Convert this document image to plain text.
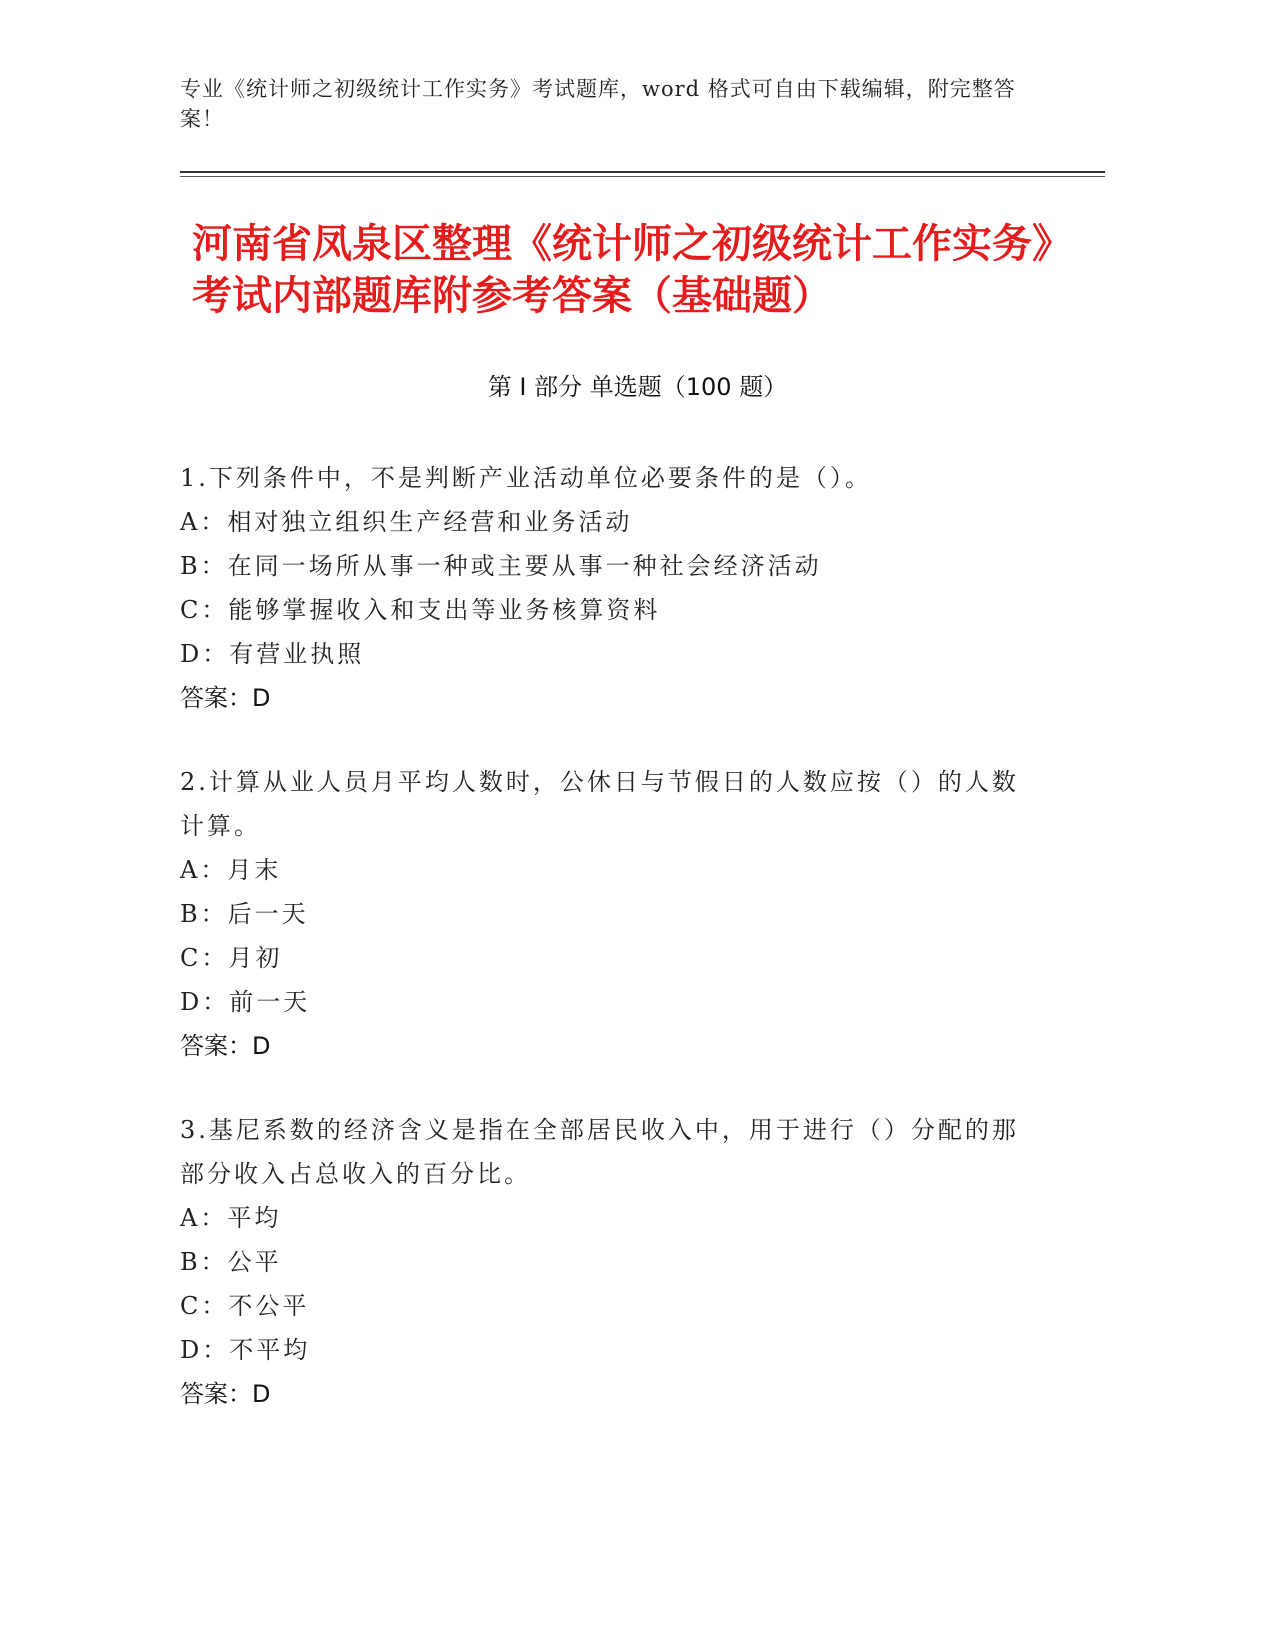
专业《统计师之初级统计工作实务》考试题库，word 格式可自由下载编辑，附完整答案！
河南省凤泉区整理《统计师之初级统计工作实务》考试内部题库附参考答案（基础题）
第 I 部分 单选题（100 题）
1.下列条件中，不是判断产业活动单位必要条件的是（）。
A：相对独立组织生产经营和业务活动
B：在同一场所从事一种或主要从事一种社会经济活动
C：能够掌握收入和支出等业务核算资料
D：有营业执照
答案：D
2.计算从业人员月平均人数时，公休日与节假日的人数应按（）的人数计算。
A：月末
B：后一天
C：月初
D：前一天
答案：D
3.基尼系数的经济含义是指在全部居民收入中，用于进行（）分配的那部分收入占总收入的百分比。
A：平均
B：公平
C：不公平
D：不平均
答案：D
